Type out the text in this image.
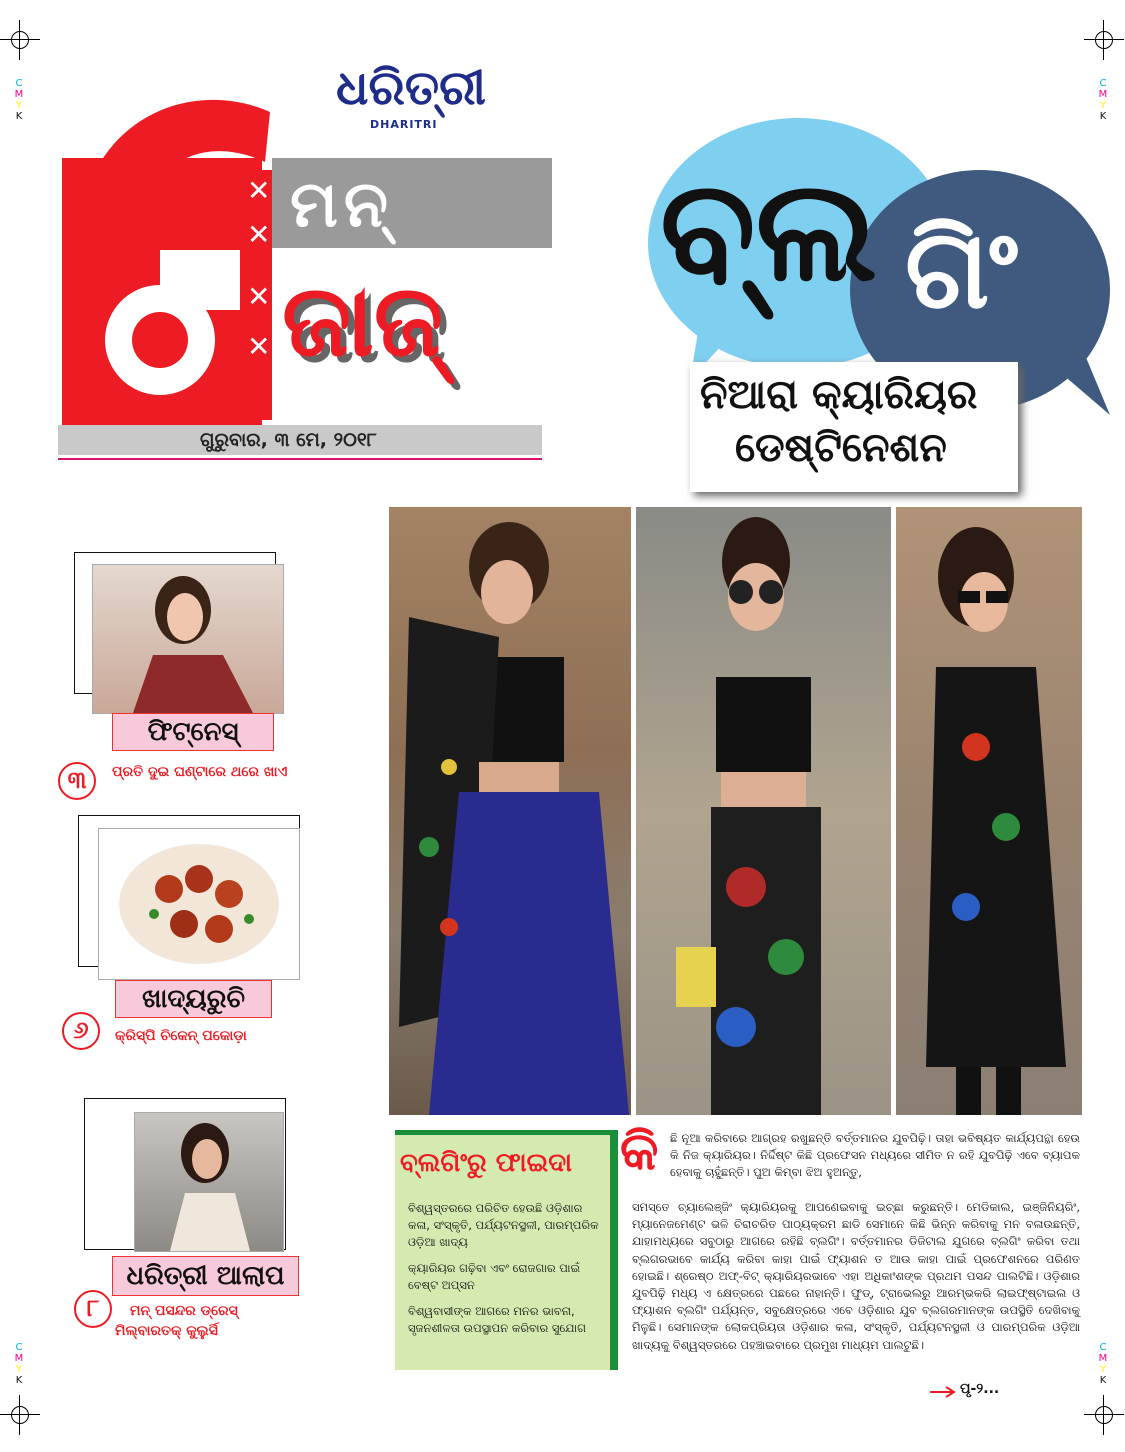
C
M
Y
K
C
M
Y
K
C
M
Y
K
C
M
Y
K
✕
✕
✕
✕
ଧରିତ୍ରୀ
DHARITRI
ମନ୍
ଜାଜ୍
ଗୁରୁବାର, ୩ ମେ, ୨୦୧୮
ବ୍ଲ ଗିଂ
ନିଆରା କ୍ୟାରିୟର
ଡେଷ୍ଟିନେଶନ
ଫିଟ୍‌ନେସ୍
୩	ପ୍ରତି ଦୁଇ ଘଣ୍ଟାରେ ଥରେ ଖାଏ
ଖାଦ୍ୟରୁଚି
୬	କ୍ରିସ୍ପି ଚିକେନ୍ ପକୋଡ଼ା
ଧରିତ୍ରୀ ଆଲାପ
୮	ମନ୍ ପସନ୍ଦର ଡ୍ରେସ୍
ମିଲ୍‌ବାରତକ୍ କୁଲୁର୍ସି
ବ୍ଲଗିଂରୁ ଫାଇଦା
ବିଶ୍ୱସ୍ତରରେ ପରିଚିତ ହେଉଛି ଓଡ଼ିଶାର କଳା, ସଂସ୍କୃତି, ପର୍ଯ୍ୟଟନସ୍ଥଳୀ, ପାରମ୍ପରିକ ଓଡ଼ିଆ ଖାଦ୍ୟ
କ୍ୟାରିୟର ଗଢ଼ିବା ଏବଂ ରୋଜଗାର ପାଇଁ ବେଷ୍ଟ ଅପ୍‌ସନ
ବିଶ୍ୱବାସୀଙ୍କ ଆଗରେ ମନର ଭାବନା, ସୃଜନଶୀଳତା ଉପସ୍ଥାପନ କରିବାର ସୁଯୋଗ
କି ଛି ନୂଆ କରିବାରେ ଆଗ୍ରହ ରଖୁଛନ୍ତି ବର୍ତ୍ତମାନର ଯୁବପିଢ଼ି। ତାହା ଭବିଷ୍ୟତ କାର୍ଯ୍ୟପନ୍ଥା ହେଉ କି ନିଜ କ୍ୟାରିୟର। ନିର୍ଦ୍ଦିଷ୍ଟ କିଛି ପ୍ରଫେସନ ମଧ୍ୟରେ ସୀମିତ ନ ରହି ଯୁବପିଢ଼ି ଏବେ ବ୍ୟାପକ ହେବାକୁ ଚାହୁଁଛନ୍ତି। ପୁଅ କିମ୍ବା ଝିଅ ହୁଅନ୍ତୁ,

ସମସ୍ତେ ଚ୍ୟାଲେଞ୍ଜିଂ କ୍ୟାରିୟରକୁ ଆପଣେଇବାକୁ ଇଚ୍ଛା କରୁଛନ୍ତି। ମେଡିକାଲ, ଇଞ୍ଜିନିୟରିଂ, ମ୍ୟାନେଜମେଣ୍ଟ ଭଳି ଚିରାଚରିତ ପାଠ୍ୟକ୍ରମ ଛାଡି ସେମାନେ କିଛି ଭିନ୍ନ କରିବାକୁ ମନ ବଳାଉଛନ୍ତି, ଯାହାମଧ୍ୟରେ ସବୁଠାରୁ ଆଗରେ ରହିଛି ବ୍ଲଗିଂ। ବର୍ତ୍ତମାନର ଡିଜିଟାଲ ଯୁଗରେ ବ୍ଲଗିଂ କରିବା ତଥା ବ୍ଲଗରଭାବେ କାର୍ଯ୍ୟ କରିବା କାହା ପାଇଁ ଫ୍ୟାଶନ ତ ଆଉ କାହା ପାଇଁ ପ୍ରଫେଶନରେ ପରିଣତ ହୋଇଛି। ଶ୍ରେଷ୍ଠ ଅଫ୍-ବିଟ୍ କ୍ୟାରିୟରଭାବେ ଏହା ଅଧିକାଂଶଙ୍କ ପ୍ରଥମ ପସନ୍ଦ ପାଲଟିଛି। ଓଡ଼ିଶାର ଯୁବପିଢ଼ି ମଧ୍ୟ ଏ କ୍ଷେତ୍ରରେ ପଛରେ ନାହାନ୍ତି। ଫୁଡ୍, ଟ୍ରାଭେଲରୁ ଆରମ୍ଭକରି ଲାଇଫ୍‌ଷ୍ଟାଇଲ ଓ ଫ୍ୟାଶନ ବ୍ଲଗିଂ ପର୍ଯ୍ୟନ୍ତ, ସବୁକ୍ଷେତ୍ରରେ ଏବେ ଓଡ଼ିଶାର ଯୁବ ବ୍ଲଗରମାନଙ୍କ ଉପସ୍ଥିତି ଦେଖିବାକୁ ମିଳୁଛି। ସେମାନଙ୍କ ଲୋକପ୍ରିୟତା ଓଡ଼ିଶାର କଳା, ସଂସ୍କୃତି, ପର୍ଯ୍ୟଟନସ୍ଥଳୀ ଓ ପାରମ୍ପରିକ ଓଡ଼ିଆ ଖାଦ୍ୟକୁ ବିଶ୍ୱସ୍ତରରେ ପହଞ୍ଚାଇବାରେ ପ୍ରମୁଖ ମାଧ୍ୟମ ପାଲଟୁଛି।

ପୃ-୨...
